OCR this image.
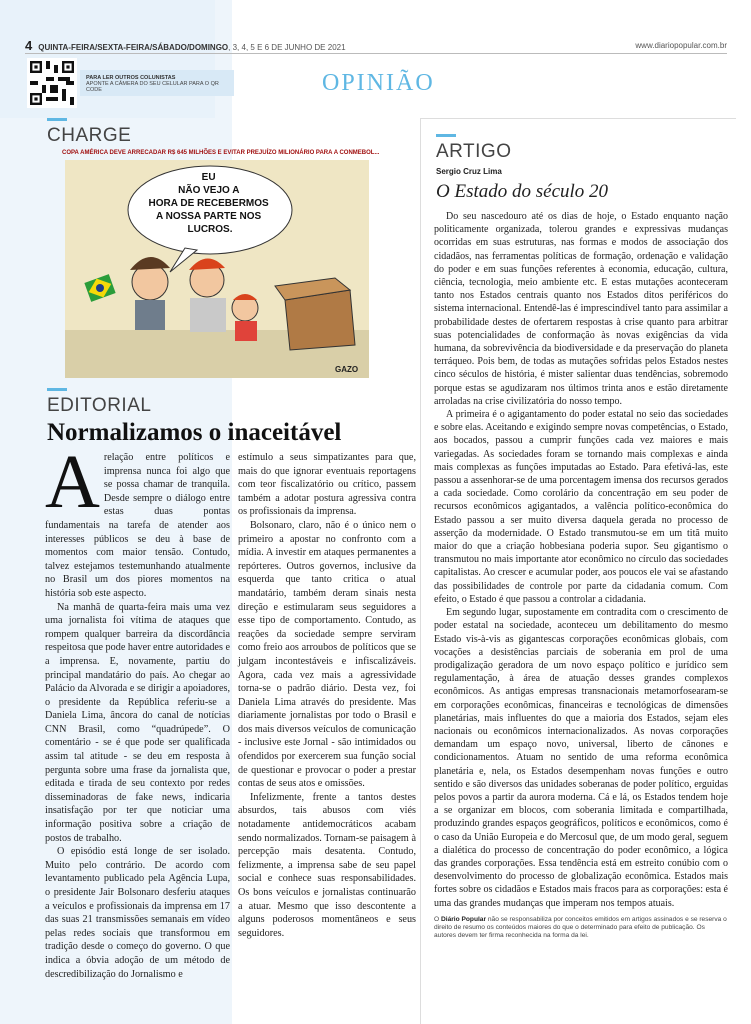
4 QUINTA-FEIRA/SEXTA-FEIRA/SÁBADO/DOMINGO, 3, 4, 5 E 6 DE JUNHO DE 2021	www.diariopopular.com.br
PARA LER OUTROS COLUNISTAS
APONTE A CÂMERA DO SEU CELULAR PARA O QR CODE	OPINIÃO
CHARGE
COPA AMÉRICA DEVE ARRECADAR R$ 645 MILHÕES E EVITAR PREJUÍZO MILIONÁRIO PARA A CONMEBOL...
EU NÃO VEJO A HORA DE RECEBERMOS A NOSSA PARTE NOS LUCROS.
GAZO
EDITORIAL
Normalizamos o inaceitável

Arelação entre políticos e imprensa nunca foi algo que se possa chamar de tranquila. Desde sempre o diálogo entre estas duas pontas fundamentais na tarefa de atender aos interesses públicos se deu à base de momentos com maior tensão. Contudo, talvez estejamos testemunhando atualmente no Brasil um dos piores momentos na história sob este aspecto.

Na manhã de quarta-feira mais uma vez uma jornalista foi vítima de ataques que rompem qualquer barreira da discordância respeitosa que pode haver entre autoridades e a imprensa. E, novamente, partiu do principal mandatário do país. Ao chegar ao Palácio da Alvorada e se dirigir a apoiadores, o presidente da República referiu-se a Daniela Lima, âncora do canal de notícias CNN Brasil, como “quadrúpede”. O comentário - se é que pode ser qualificada assim tal atitude - se deu em resposta à pergunta sobre uma frase da jornalista que, editada e tirada de seu contexto por redes disseminadoras de fake news, indicaria insatisfação por ter que noticiar uma informação positiva sobre a criação de postos de trabalho.

O episódio está longe de ser isolado. Muito pelo contrário. De acordo com levantamento publicado pela Agência Lupa, o presidente Jair Bolsonaro desferiu ataques a veículos e profissionais da imprensa em 17 das suas 21 transmissões semanais em vídeo pelas redes sociais que transformou em tradição desde o começo do governo. O que indica a óbvia adoção de um método de descredibilização do Jornalismo e

estímulo a seus simpatizantes para que, mais do que ignorar eventuais reportagens com teor fiscalizatório ou crítico, passem também a adotar postura agressiva contra os profissionais da imprensa.

Bolsonaro, claro, não é o único nem o primeiro a apostar no confronto com a mídia. A investir em ataques permanentes a repórteres. Outros governos, inclusive da esquerda que tanto critica o atual mandatário, também deram sinais nesta direção e estimularam seus seguidores a esse tipo de comportamento. Contudo, as reações da sociedade sempre serviram como freio aos arroubos de políticos que se julgam incontestáveis e infiscalizáveis. Agora, cada vez mais a agressividade torna-se o padrão diário. Desta vez, foi Daniela Lima através do presidente. Mas diariamente jornalistas por todo o Brasil e dos mais diversos veículos de comunicação - inclusive este Jornal - são intimidados ou ofendidos por exercerem sua função social de questionar e provocar o poder a prestar contas de seus atos e omissões.

Infelizmente, frente a tantos destes absurdos, tais abusos com viés notadamente antidemocráticos acabam sendo normalizados. Tornam-se paisagem à percepção mais desatenta. Contudo, felizmente, a imprensa sabe de seu papel social e conhece suas responsabilidades. Os bons veículos e jornalistas continuarão a atuar. Mesmo que isso descontente a alguns poderosos momentâneos e seus seguidores.

ARTIGO
Sergio Cruz Lima
O Estado do século 20

Do seu nascedouro até os dias de hoje, o Estado enquanto nação politicamente organizada, tolerou grandes e expressivas mudanças ocorridas em suas estruturas, nas formas e modos de associação dos cidadãos, nas ferramentas políticas de formação, ordenação e validação do poder e em suas funções referentes à economia, educação, cultura, ciência, tecnologia, meio ambiente etc. E estas mutações aconteceram tanto nos Estados centrais quanto nos Estados ditos periféricos do sistema internacional. Entendê-las é imprescindível tanto para assimilar a probabilidade destes de ofertarem respostas à crise quanto para arbitrar suas potencialidades de conformação às novas exigências da vida humana, da sobrevivência da biodiversidade e da preservação do planeta terráqueo. Pois bem, de todas as mutações sofridas pelos Estados nestes cinco séculos de história, é mister salientar duas tendências, sobremodo porque estas se agudizaram nos últimos trinta anos e estão diretamente arroladas na crise civilizatória do nosso tempo.

A primeira é o agigantamento do poder estatal no seio das sociedades e sobre elas. Aceitando e exigindo sempre novas competências, o Estado, aos bocados, passou a cumprir funções cada vez maiores e mais variegadas. As sociedades foram se tornando mais complexas e ainda mais complexas as funções imputadas ao Estado. Para efetivá-las, este passou a assenhorar-se de uma porcentagem imensa dos recursos gerados a cada sociedade. Como corolário da concentração em seu poder de recursos econômicos agigantados, a valência político-econômica do Estado passou a ser muito diversa daquela gerada no processo de asserção da modernidade. O Estado transmutou-se em um titã muito maior do que a criação hobbesiana poderia supor. Seu gigantismo o transmutou no mais importante ator econômico no círculo das sociedades capitalistas. Ao crescer e acumular poder, aos poucos ele vai se afastando das possibilidades de controle por parte da cidadania comum. Com efeito, o Estado é que passou a controlar a cidadania.

Em segundo lugar, supostamente em contradita com o crescimento de poder estatal na sociedade, aconteceu um debilitamento do mesmo Estado vis-à-vis as gigantescas corporações econômicas globais, com vocações a desistências parciais de soberania em prol de uma prodigalização geradora de um novo espaço político e jurídico sem regulamentação, à área de atuação desses grandes complexos econômicos. As antigas empresas transnacionais metamorfosearam-se em corporações econômicas, financeiras e tecnológicas de dimensões planetárias, mais influentes do que a maioria dos Estados, sejam eles nacionais ou econômicos internacionalizados. As novas corporações demandam um espaço novo, universal, liberto de cânones e condicionamentos. Atuam no sentido de uma reforma econômica planetária e, nela, os Estados desempenham novas funções e outro sentido e são diversos das unidades soberanas de poder político, erguidas pelos povos a partir da aurora moderna. Cá e lá, os Estados tendem hoje a se organizar em blocos, com soberania limitada e compartilhada, produzindo grandes espaços geográficos, políticos e econômicos, como é o caso da União Europeia e do Mercosul que, de um modo geral, seguem a dialética do processo de concentração do poder econômico, a lógica das grandes corporações. Essa tendência está em estreito conúbio com o desenvolvimento do processo de globalização econômica. Estados mais fortes sobre os cidadãos e Estados mais fracos para as corporações: esta é uma das grandes mudanças que imperam nos tempos atuais.

O Diário Popular não se responsabiliza por conceitos emitidos em artigos assinados e se reserva o direito de resumo os conteúdos maiores do que o determinado para efeito de publicação. Os autores devem ter firma reconhecida na forma da lei.
